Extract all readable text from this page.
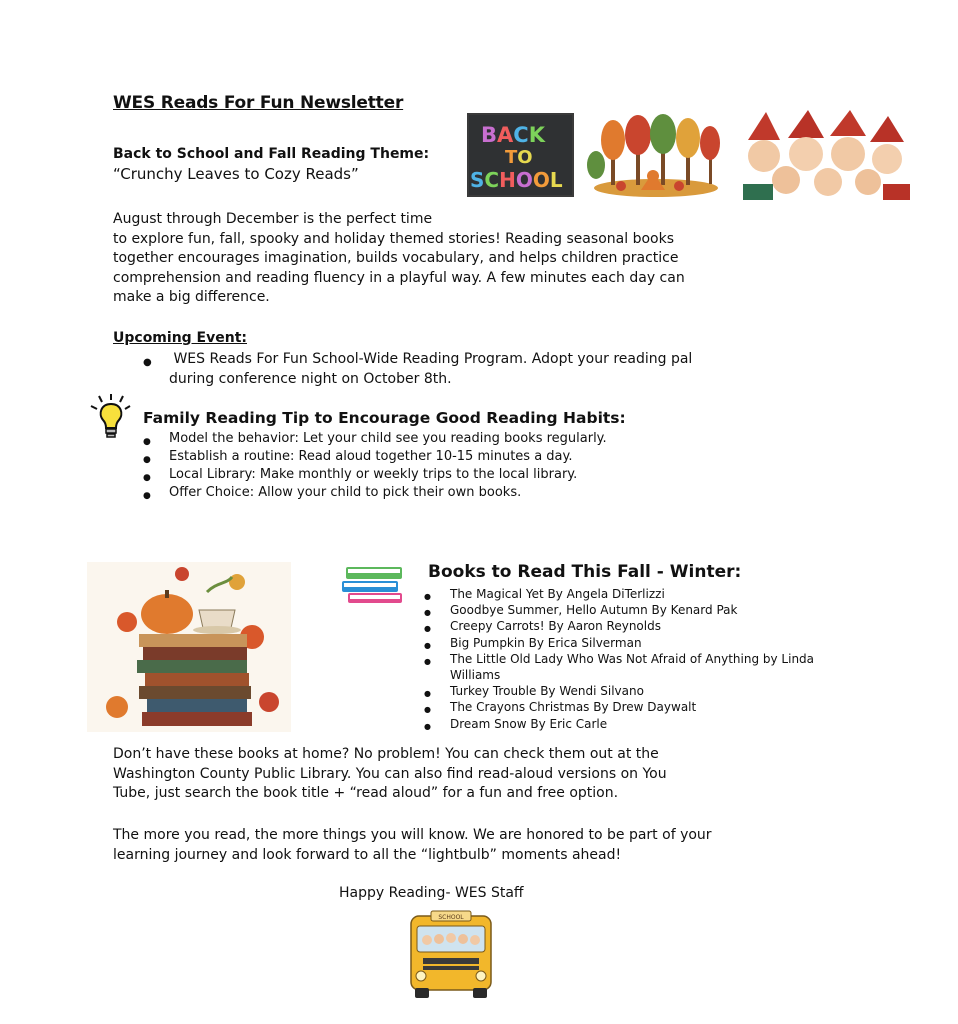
WES Reads For Fun Newsletter
Back to School and Fall Reading Theme:
“Crunchy Leaves to Cozy Reads”
BACK
TO
SCHOOL
August through December is the perfect time
to explore fun, fall, spooky and holiday themed stories! Reading seasonal books
together encourages imagination, builds vocabulary, and helps children practice
comprehension and reading fluency in a playful way. A few minutes each day can
make a big difference.
Upcoming Event:
● WES Reads For Fun School-Wide Reading Program. Adopt your reading pal
during conference night on October 8th.
Family Reading Tip to Encourage Good Reading Habits:
● Model the behavior: Let your child see you reading books regularly.
● Establish a routine: Read aloud together 10-15 minutes a day.
● Local Library: Make monthly or weekly trips to the local library.
● Offer Choice: Allow your child to pick their own books.
Books to Read This Fall - Winter:
● The Magical Yet By Angela DiTerlizzi
● Goodbye Summer, Hello Autumn By Kenard Pak
● Creepy Carrots! By Aaron Reynolds
● Big Pumpkin By Erica Silverman
● The Little Old Lady Who Was Not Afraid of Anything by Linda Williams
● Turkey Trouble By Wendi Silvano
● The Crayons Christmas By Drew Daywalt
● Dream Snow By Eric Carle
Don’t have these books at home? No problem! You can check them out at the
Washington County Public Library. You can also find read-aloud versions on You
Tube, just search the book title + “read aloud” for a fun and free option.
The more you read, the more things you will know. We are honored to be part of your
learning journey and look forward to all the “lightbulb” moments ahead!
Happy Reading- WES Staff
SCHOOL
